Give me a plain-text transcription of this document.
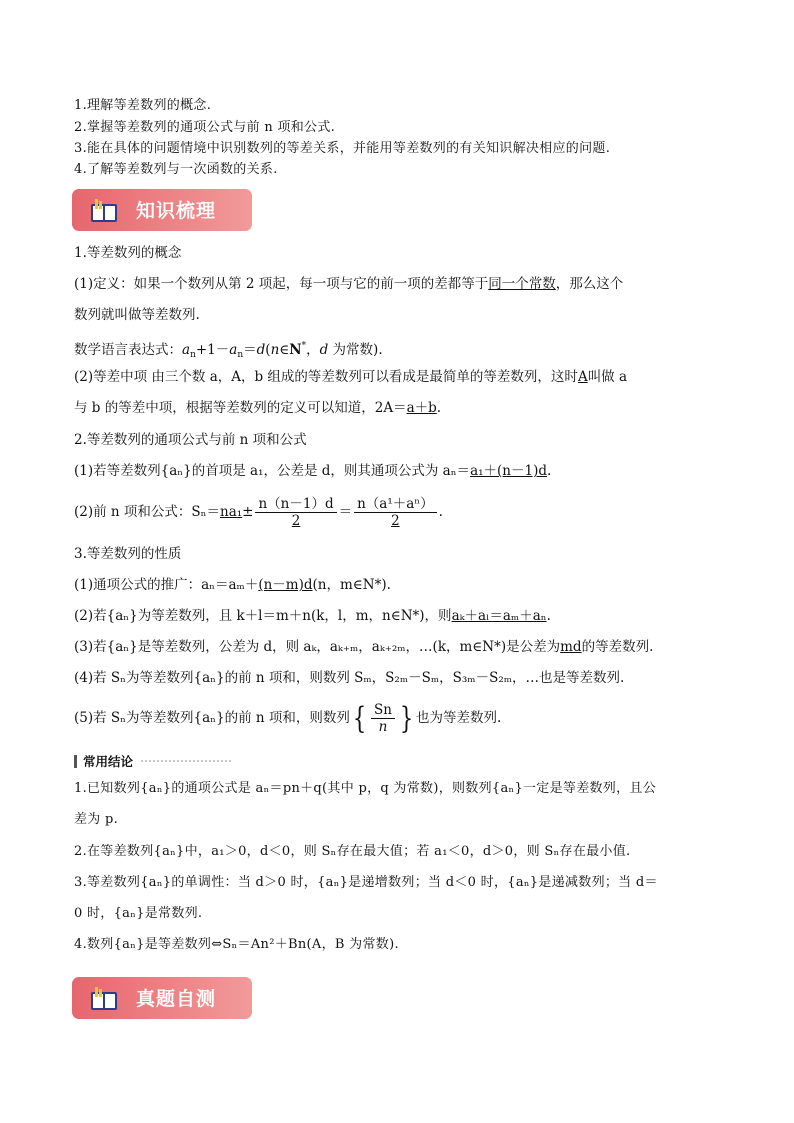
1.理解等差数列的概念.
2.掌握等差数列的通项公式与前 n 项和公式.
3.能在具体的问题情境中识别数列的等差关系，并能用等差数列的有关知识解决相应的问题.
4.了解等差数列与一次函数的关系.
知识梳理
1.等差数列的概念
(1)定义：如果一个数列从第 2 项起，每一项与它的前一项的差都等于同一个常数，那么这个
数列就叫做等差数列.
数学语言表达式：$a_n+1-a_n=d(n\in N^*$，d 为常数).
(2)等差中项 由三个数 a，A，b 组成的等差数列可以看成是最简单的等差数列，这时A叫做 a
与 b 的等差中项，根据等差数列的定义可以知道，2A＝a＋b.
2.等差数列的通项公式与前 n 项和公式
(1)若等差数列{aₙ}的首项是 a₁，公差是 d，则其通项公式为 aₙ＝a₁＋(n－1)d.
(2)前 n 项和公式：$S_n=na_1\pm \frac{n(n-1)d}{2} = \frac{\text{n（a¹＋aⁿ）}}{2}$ .
3.等差数列的性质
(1)通项公式的推广：aₙ＝aₘ＋(n－m)d(n，m∈N*).
(2)若{aₙ}为等差数列，且 k＋l＝m＋n(k，l，m，n∈N*)，则aₖ＋aₗ＝aₘ＋aₙ.
(3)若{aₙ}是等差数列，公差为 d，则 aₖ，aₖ₊ₘ，aₖ₊₂ₘ，…(k，m∈N*)是公差为md的等差数列.
(4)若 Sₙ为等差数列{aₙ}的前 n 项和，则数列 Sₘ，S₂ₘ－Sₘ，S₃ₘ－S₂ₘ，…也是等差数列.
(5)若 Sₙ为等差数列{aₙ}的前 n 项和，则数列{ $\frac{Sn}{n}$ } 也为等差数列.
常用结论
1.已知数列{aₙ}的通项公式是 aₙ＝pn＋q(其中 p，q 为常数)，则数列{aₙ}一定是等差数列，且公
差为 p.
2.在等差数列{aₙ}中，a₁＞0，d＜0，则 Sₙ存在最大值；若 a₁＜0，d＞0，则 Sₙ存在最小值.
3.等差数列{aₙ}的单调性：当 d＞0 时，{aₙ}是递增数列；当 d＜0 时，{aₙ}是递减数列；当 d＝
0 时，{aₙ}是常数列.
4.数列{aₙ}是等差数列⇔Sₙ＝An²＋Bn(A，B 为常数).
真题自测
